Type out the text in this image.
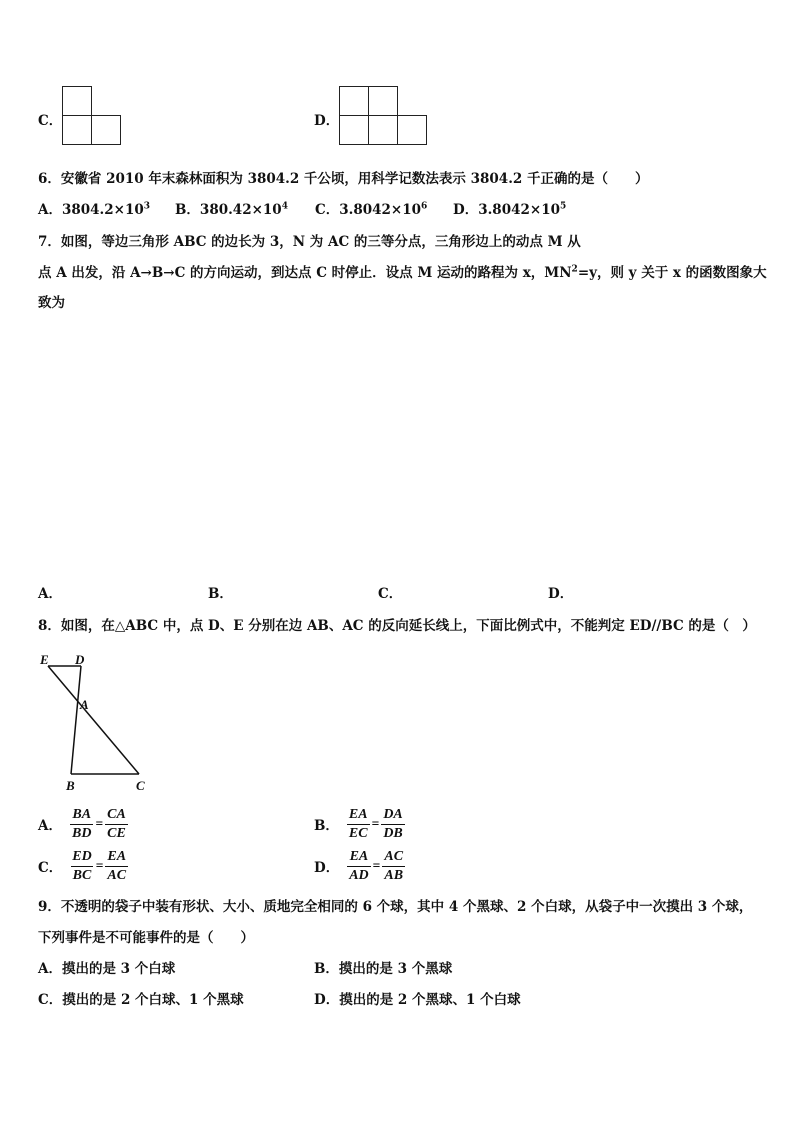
C．	D．
6．安徽省 2010 年末森林面积为 3804.2 千公顷，用科学记数法表示 3804.2 千正确的是（　　）
A．$3804.2\times 10^3$ B．$380.42\times 10^4$ C．$3.8042\times 10^6$ D．$3.8042\times 10^5$
7．如图，等边三角形 ABC 的边长为 3，N 为 AC 的三等分点，三角形边上的动点 M 从
点 A 出发，沿 A→B→C 的方向运动，到达点 C 时停止．设点 M 运动的路程为 x，$MN^2=y$，则 y 关于 x 的函数图象大
致为
A．	B．	C．	D．
8．如图，在△ABC 中，点 D、E 分别在边 AB、AC 的反向延长线上，下面比例式中，不能判定 ED//BC 的是（　）
E D
A
B	C
A． $\frac{BA}{BD} = \frac{CA}{CE}$	B． $\frac{EA}{EC} = \frac{DA}{DB}$
C． $\frac{ED}{BC} = \frac{EA}{AC}$	D． $\frac{EA}{AD} = \frac{AC}{AB}$
9．不透明的袋子中装有形状、大小、质地完全相同的 6 个球，其中 4 个黑球、2 个白球，从袋子中一次摸出 3 个球，
下列事件是不可能事件的是（　　）
A．摸出的是 3 个白球	B．摸出的是 3 个黑球
C．摸出的是 2 个白球、1 个黑球	D．摸出的是 2 个黑球、1 个白球
